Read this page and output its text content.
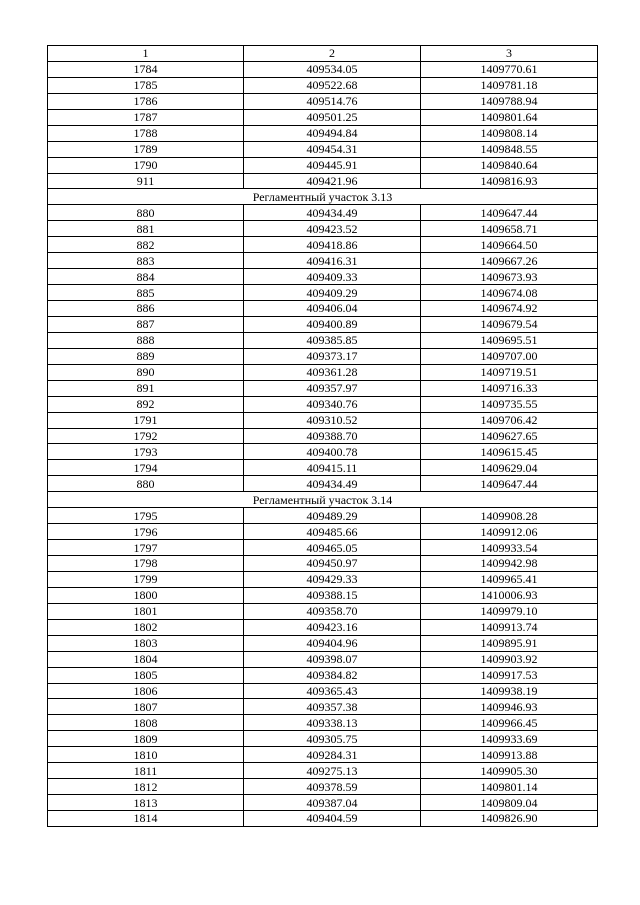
1	2	3
1784	409534.05	1409770.61
1785	409522.68	1409781.18
1786	409514.76	1409788.94
1787	409501.25	1409801.64
1788	409494.84	1409808.14
1789	409454.31	1409848.55
1790	409445.91	1409840.64
911	409421.96	1409816.93
Регламентный участок 3.13		
880	409434.49	1409647.44
881	409423.52	1409658.71
882	409418.86	1409664.50
883	409416.31	1409667.26
884	409409.33	1409673.93
885	409409.29	1409674.08
886	409406.04	1409674.92
887	409400.89	1409679.54
888	409385.85	1409695.51
889	409373.17	1409707.00
890	409361.28	1409719.51
891	409357.97	1409716.33
892	409340.76	1409735.55
1791	409310.52	1409706.42
1792	409388.70	1409627.65
1793	409400.78	1409615.45
1794	409415.11	1409629.04
880	409434.49	1409647.44
Регламентный участок 3.14		
1795	409489.29	1409908.28
1796	409485.66	1409912.06
1797	409465.05	1409933.54
1798	409450.97	1409942.98
1799	409429.33	1409965.41
1800	409388.15	1410006.93
1801	409358.70	1409979.10
1802	409423.16	1409913.74
1803	409404.96	1409895.91
1804	409398.07	1409903.92
1805	409384.82	1409917.53
1806	409365.43	1409938.19
1807	409357.38	1409946.93
1808	409338.13	1409966.45
1809	409305.75	1409933.69
1810	409284.31	1409913.88
1811	409275.13	1409905.30
1812	409378.59	1409801.14
1813	409387.04	1409809.04
1814	409404.59	1409826.90
